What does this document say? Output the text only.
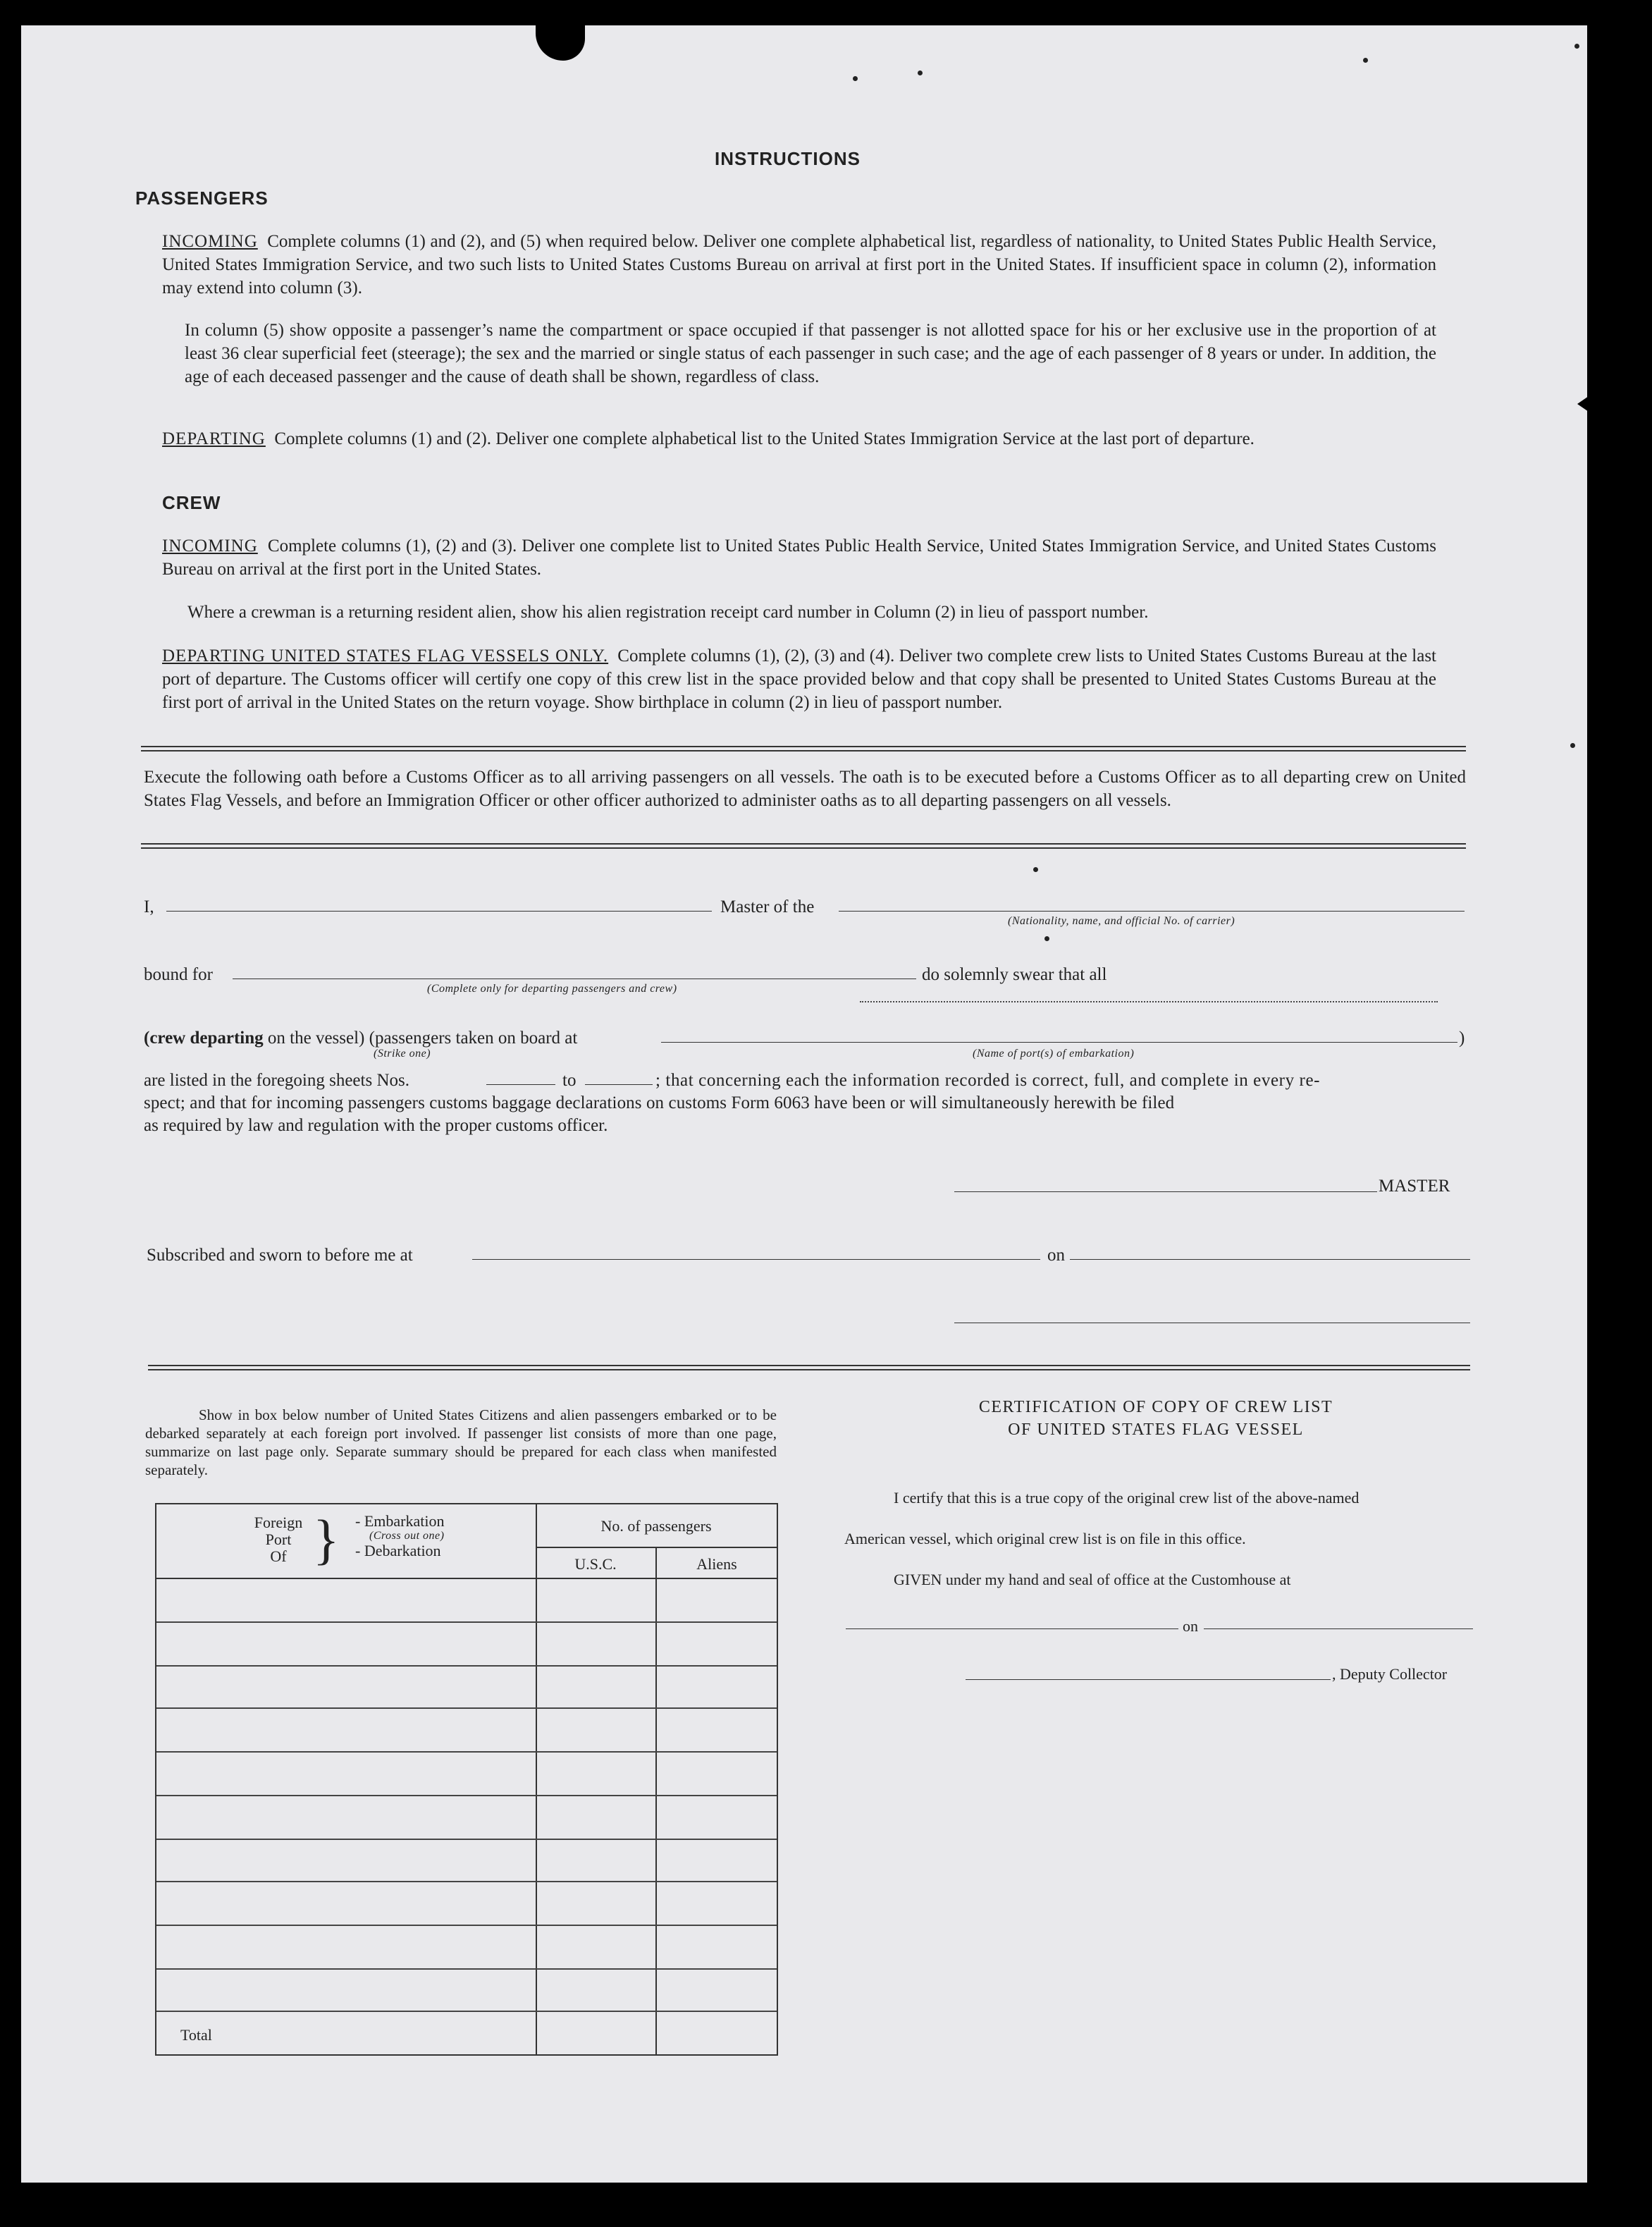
INSTRUCTIONS
PASSENGERS
INCOMING Complete columns (1) and (2), and (5) when required below. Deliver one complete alphabetical list, regardless of nationality, to United States Public Health Service, United States Immigration Service, and two such lists to United States Customs Bureau on arrival at first port in the United States. If insufficient space in column (2), information may extend into column (3).
In column (5) show opposite a passenger’s name the compartment or space occupied if that passenger is not allotted space for his or her exclusive use in the proportion of at least 36 clear superficial feet (steerage); the sex and the married or single status of each passenger in such case; and the age of each passenger of 8 years or under. In addition, the age of each deceased passenger and the cause of death shall be shown, regardless of class.
DEPARTING Complete columns (1) and (2). Deliver one complete alphabetical list to the United States Immigration Service at the last port of departure.
CREW
INCOMING Complete columns (1), (2) and (3). Deliver one complete list to United States Public Health Service, United States Immigration Service, and United States Customs Bureau on arrival at the first port in the United States.
Where a crewman is a returning resident alien, show his alien registration receipt card number in Column (2) in lieu of passport number.
DEPARTING UNITED STATES FLAG VESSELS ONLY. Complete columns (1), (2), (3) and (4). Deliver two complete crew lists to United States Customs Bureau at the last port of departure. The Customs officer will certify one copy of this crew list in the space provided below and that copy shall be presented to United States Customs Bureau at the first port of arrival in the United States on the return voyage. Show birthplace in column (2) in lieu of passport number.
Execute the following oath before a Customs Officer as to all arriving passengers on all vessels. The oath is to be executed before a Customs Officer as to all departing crew on United States Flag Vessels, and before an Immigration Officer or other officer authorized to administer oaths as to all departing passengers on all vessels.
I,	Master of the
(Nationality, name, and official No. of carrier)
bound for
(Complete only for departing passengers and crew)
do solemnly swear that all
(crew departing on the vessel) (passengers taken on board at	)
(Strike one)	(Name of port(s) of embarkation)
are listed in the foregoing sheets Nos.	to	; that concerning each the information recorded is correct, full, and complete in every re-
spect; and that for incoming passengers customs baggage declarations on customs Form 6063 have been or will simultaneously herewith be filed
as required by law and regulation with the proper customs officer.
MASTER
Subscribed and sworn to before me at	on
Show in box below number of United States Citizens and alien passengers embarked or to be debarked separately at each foreign port involved. If passenger list consists of more than one page, summarize on last page only. Separate summary should be prepared for each class when manifested separately.
Foreign
Port
Of } - Embarkation
(Cross out one)
- Debarkation
No. of passengers
U.S.C.	Aliens
Total
CERTIFICATION OF COPY OF CREW LIST
OF UNITED STATES FLAG VESSEL
I certify that this is a true copy of the original crew list of the above-named
American vessel, which original crew list is on file in this office.
GIVEN under my hand and seal of office at the Customhouse at
on
, Deputy Collector
